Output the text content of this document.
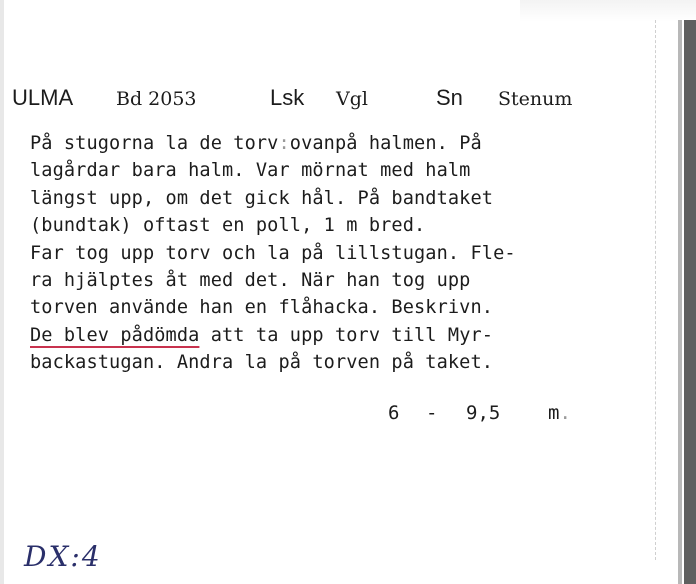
ULMA Bd 2053	Lsk Vgl	Sn Stenum
På stugorna la de torv:ovanpå halmen. På
lagårdar bara halm. Var mörnat med halm
längst upp, om det gick hål. På bandtaket
(bundtak) oftast en poll, 1 m bred.
Far tog upp torv och la på lillstugan. Fle-
ra hjälptes åt med det. När han tog upp
torven använde han en flåhacka. Beskrivn.
De blev pådömda att ta upp torv till Myr-
backastugan. Andra la på torven på taket.
6 - 9,5	m.
DX:4
